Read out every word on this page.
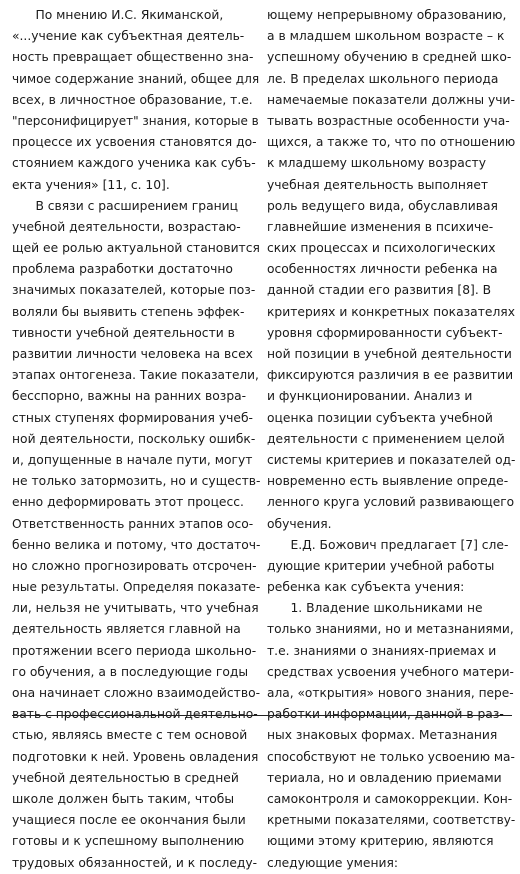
По мнению И.С. Якиманской,
«...учение как субъектная деятель-
ность превращает общественно зна-
чимое содержание знаний, общее для
всех, в личностное образование, т.е.
"персонифицирует" знания, которые в
процессе их усвоения становятся до-
стоянием каждого ученика как субъ-
екта учения» [11, с. 10].
В связи с расширением границ
учебной деятельности, возрастаю-
щей ее ролью актуальной становится
проблема разработки достаточно
значимых показателей, которые поз-
воляли бы выявить степень эффек-
тивности учебной деятельности в
развитии личности человека на всех
этапах онтогенеза. Такие показатели,
бесспорно, важны на ранних возра-
стных ступенях формирования учеб-
ной деятельности, поскольку ошибк-
и, допущенные в начале пути, могут
не только затормозить, но и существ-
енно деформировать этот процесс.
Ответственность ранних этапов осо-
бенно велика и потому, что достаточ-
но сложно прогнозировать отсрочен-
ные результаты. Определяя показате-
ли, нельзя не учитывать, что учебная
деятельность является главной на
протяжении всего периода школьно-
го обучения, а в последующие годы
она начинает сложно взаимодейство-
вать с профессиональной деятельно-
стью, являясь вместе с тем основой
подготовки к ней. Уровень овладения
учебной деятельностью в средней
школе должен быть таким, чтобы
учащиеся после ее окончания были
готовы и к успешному выполнению
трудовых обязанностей, и к последу-
ющему непрерывному образованию,
а в младшем школьном возрасте – к
успешному обучению в средней шко-
ле. В пределах школьного периода
намечаемые показатели должны учи-
тывать возрастные особенности уча-
щихся, а также то, что по отношению
к младшему школьному возрасту
учебная деятельность выполняет
роль ведущего вида, обуславливая
главнейшие изменения в психиче-
ских процессах и психологических
особенностях личности ребенка на
данной стадии его развития [8]. В
критериях и конкретных показателях
уровня сформированности субъект-
ной позиции в учебной деятельности
фиксируются различия в ее развитии
и функционировании. Анализ и
оценка позиции субъекта учебной
деятельности с применением целой
системы критериев и показателей од-
новременно есть выявление опреде-
ленного круга условий развивающего
обучения.
Е.Д. Божович предлагает [7] сле-
дующие критерии учебной работы
ребенка как субъекта учения:
1. Владение школьниками не
только знаниями, но и метазнаниями,
т.е. знаниями о знаниях-приемах и
средствах усвоения учебного матери-
ала, «открытия» нового знания, пере-
работки информации, данной в раз-
ных знаковых формах. Метазнания
способствуют не только усвоению ма-
териала, но и овладению приемами
самоконтроля и самокоррекции. Кон-
кретными показателями, соответству-
ющими этому критерию, являются
следующие умения:
